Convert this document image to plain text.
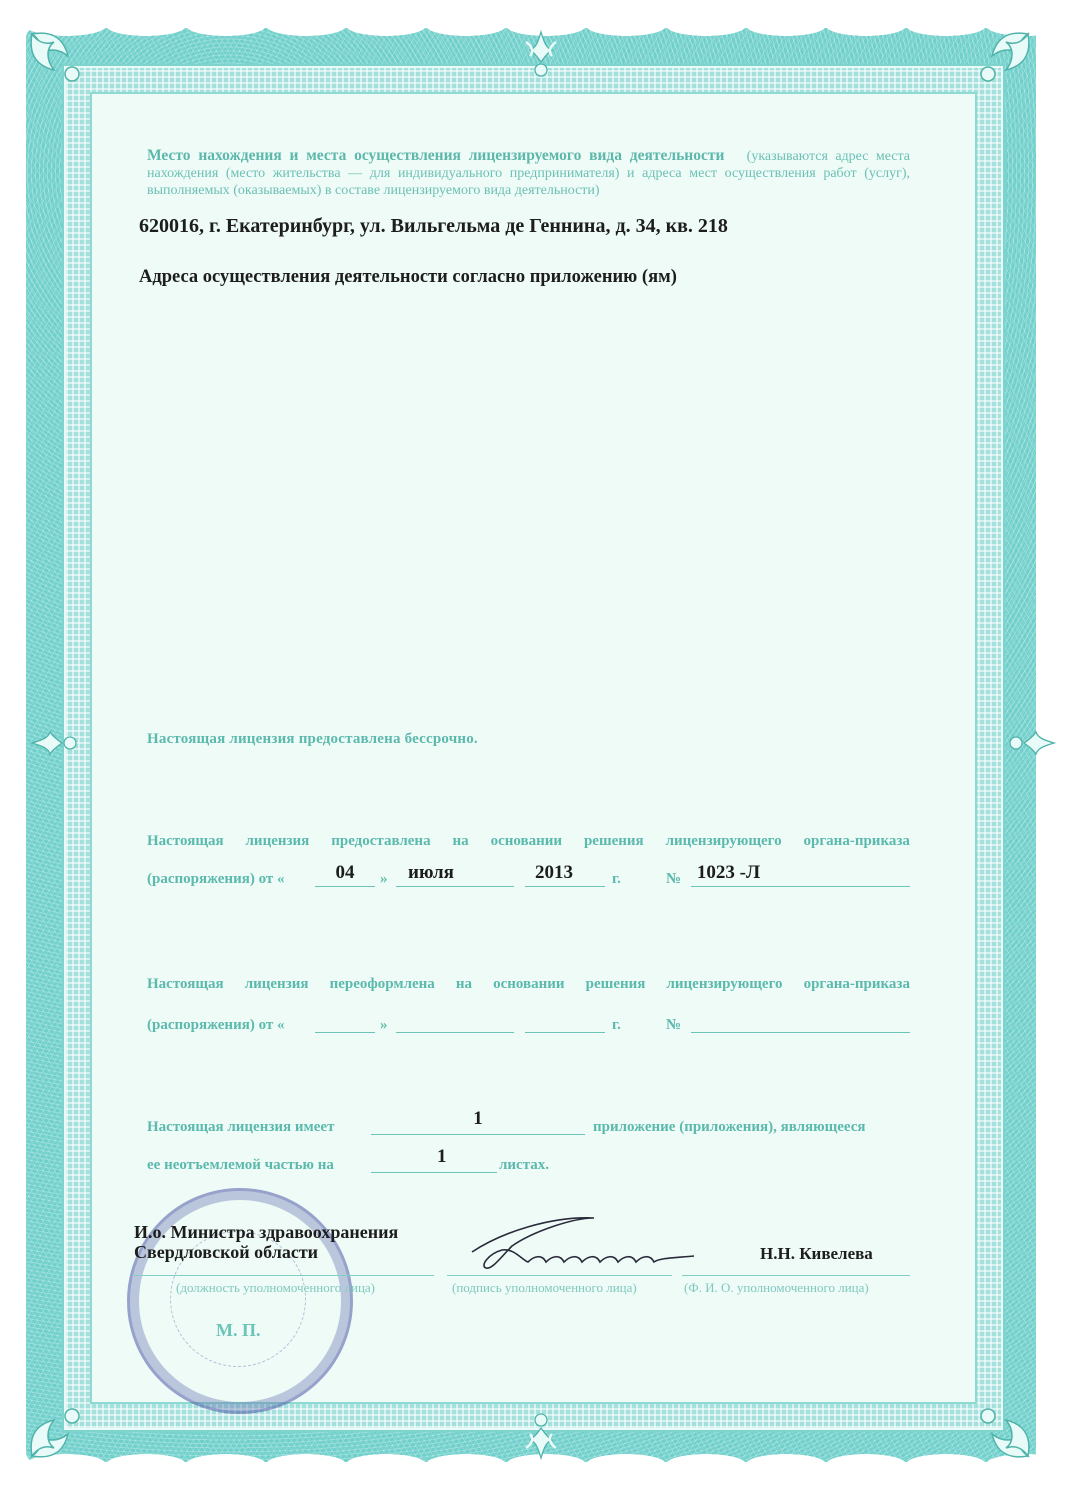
Место нахождения и места осуществления лицензируемого вида деятельности (указываются адрес места нахождения (место жительства — для индивидуального предпринимателя) и адреса мест осуществления работ (услуг), выполняемых (оказываемых) в составе лицензируемого вида деятельности)
620016, г. Екатеринбург, ул. Вильгельма де Геннина, д. 34, кв. 218
Адреса осуществления деятельности согласно приложению (ям)
Настоящая лицензия предоставлена бессрочно.
Настоящая лицензия предоставлена на основании решения лицензирующего органа-приказа
(распоряжения) от «	04	»	июля	2013	г.	№ 1023 -Л
Настоящая лицензия переоформлена на основании решения лицензирующего органа-приказа
(распоряжения) от «	»	г.	№
Настоящая лицензия имеет	1	приложение (приложения), являющееся
ее неотъемлемой частью на	1	листах.
М. П.
И.о. Министра здравоохранения
Свердловской области	Н.Н. Кивелева
(должность уполномоченного лица)	(подпись уполномоченного лица)	(Ф. И. О. уполномоченного лица)
